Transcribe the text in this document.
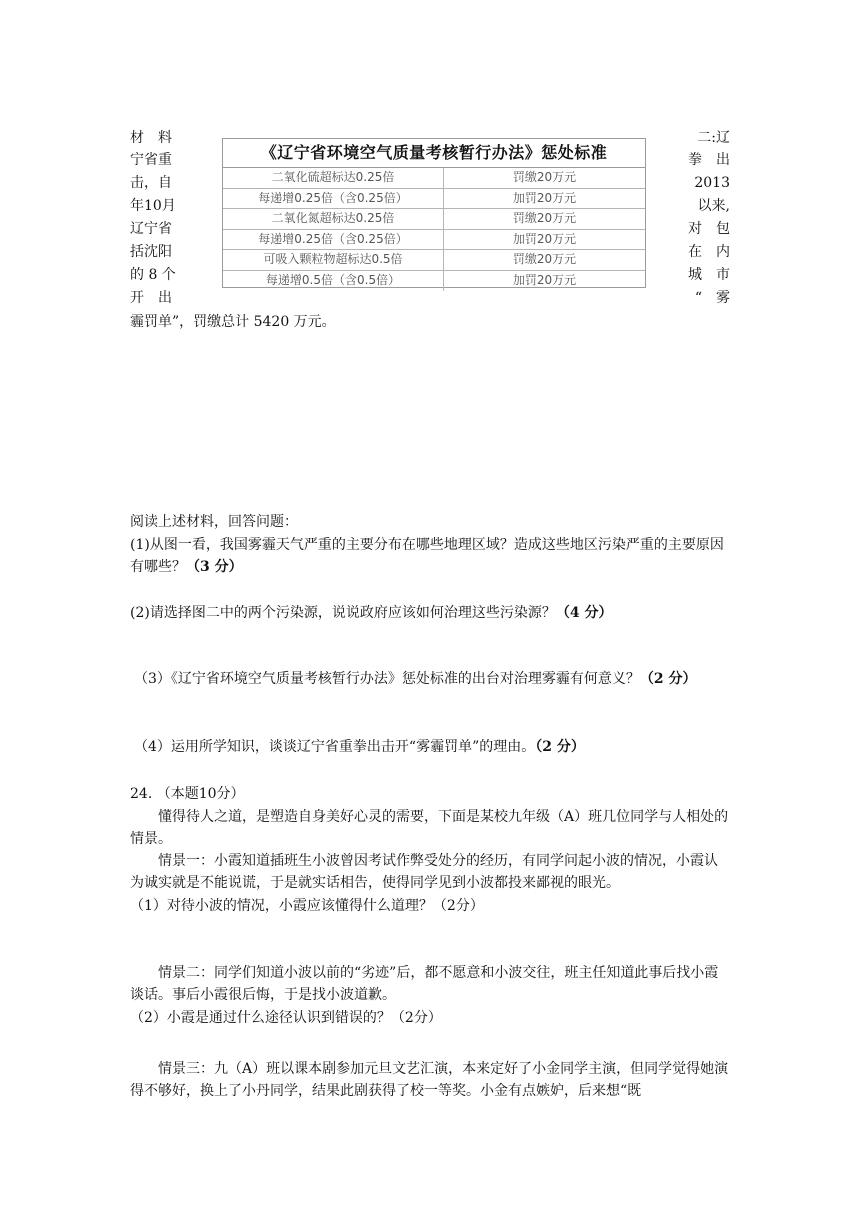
材　料
宁省重
击，自
年10月
辽宁省
括沈阳
的 8 个
开　出
二:辽
拳　出
2013
以来,
对　包
在　内
城　市
“　雾
霾罚单”，罚缴总计 5420 万元。
《辽宁省环境空气质量考核暂行办法》惩处标准
二氧化硫超标达0.25倍	罚缴20万元
每递增0.25倍（含0.25倍）	加罚20万元
二氧化氮超标达0.25倍	罚缴20万元
每递增0.25倍（含0.25倍）	加罚20万元
可吸入颗粒物超标达0.5倍	罚缴20万元
每递增0.5倍（含0.5倍）	加罚20万元
阅读上述材料，回答问题：
(1)从图一看，我国雾霾天气严重的主要分布在哪些地理区域？造成这些地区污染严重的主要原因有哪些？（3 分）
(2)请选择图二中的两个污染源，说说政府应该如何治理这些污染源？（4 分）
（3）《辽宁省环境空气质量考核暂行办法》惩处标准的出台对治理雾霾有何意义？（2 分）
（4）运用所学知识，谈谈辽宁省重拳出击开“雾霾罚单”的理由。（2 分）
24. （本题10分）
懂得待人之道，是塑造自身美好心灵的需要，下面是某校九年级（A）班几位同学与人相处的情景。
情景一：小霞知道插班生小波曾因考试作弊受处分的经历，有同学问起小波的情况，小霞认为诚实就是不能说谎，于是就实话相告，使得同学见到小波都投来鄙视的眼光。
（1）对待小波的情况，小霞应该懂得什么道理？（2分）
情景二：同学们知道小波以前的“劣迹”后，都不愿意和小波交往，班主任知道此事后找小霞谈话。事后小霞很后悔，于是找小波道歉。
（2）小霞是通过什么途径认识到错误的？（2分）
情景三：九（A）班以课本剧参加元旦文艺汇演，本来定好了小金同学主演，但同学觉得她演得不够好，换上了小丹同学，结果此剧获得了校一等奖。小金有点嫉妒，后来想“既
